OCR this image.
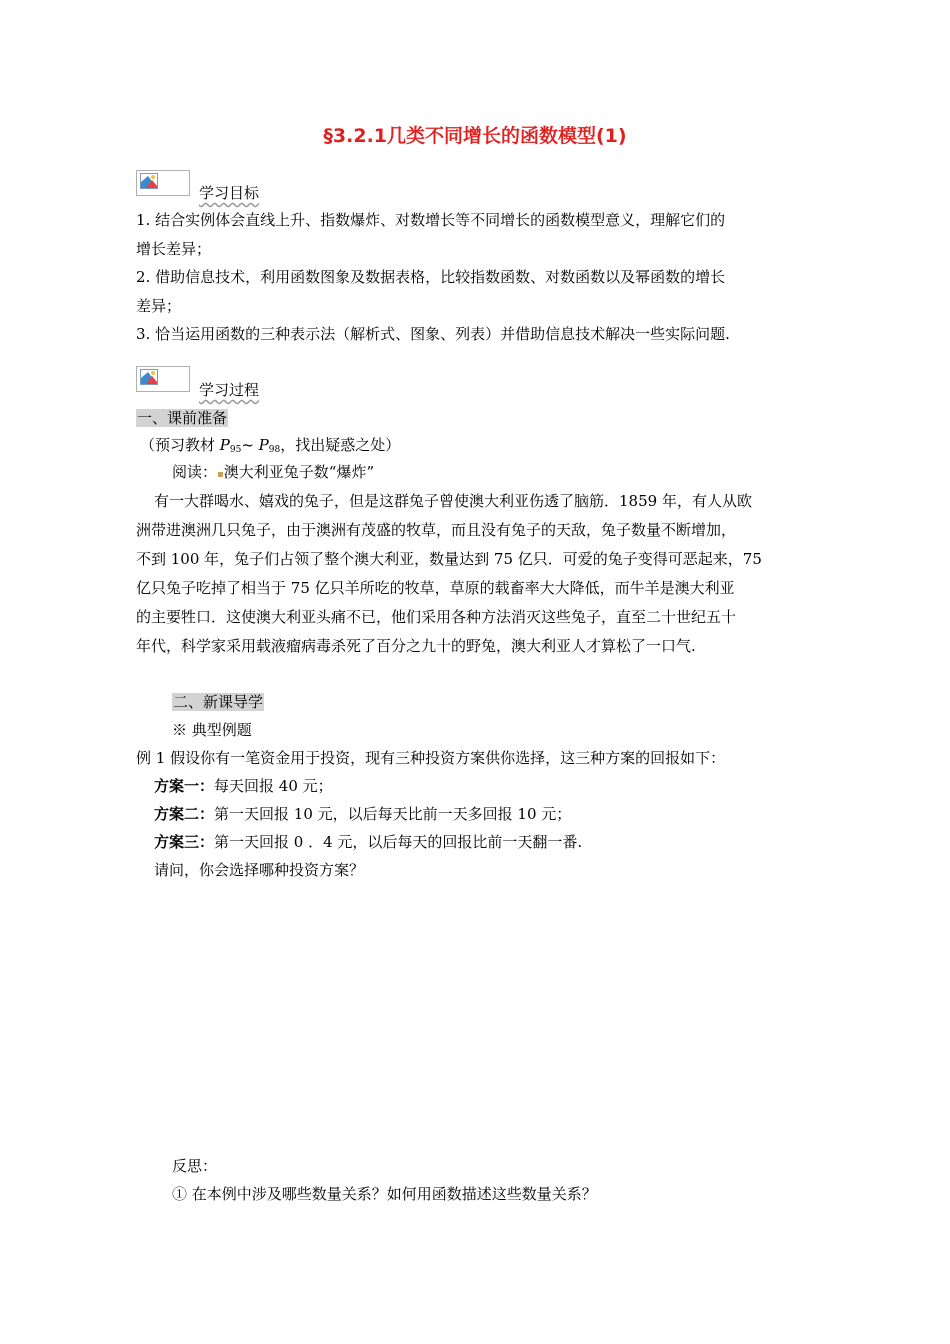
§3.2.1几类不同增长的函数模型(1)
学习目标
1. 结合实例体会直线上升、指数爆炸、对数增长等不同增长的函数模型意义，理解它们的
增长差异；
2. 借助信息技术，利用函数图象及数据表格，比较指数函数、对数函数以及幂函数的增长
差异；
3. 恰当运用函数的三种表示法（解析式、图象、列表）并借助信息技术解决一些实际问题.
学习过程
一、课前准备
（预习教材 $P_{95}\sim$ $P_{98}$，找出疑惑之处）
阅读：▪澳大利亚兔子数“爆炸”
有一大群喝水、嬉戏的兔子，但是这群兔子曾使澳大利亚伤透了脑筋．1859 年，有人从欧
洲带进澳洲几只兔子，由于澳洲有茂盛的牧草，而且没有兔子的天敌，兔子数量不断增加，
不到 100 年，兔子们占领了整个澳大利亚，数量达到 75 亿只．可爱的兔子变得可恶起来，75
亿只兔子吃掉了相当于 75 亿只羊所吃的牧草，草原的载畜率大大降低，而牛羊是澳大利亚
的主要牲口．这使澳大利亚头痛不已，他们采用各种方法消灭这些兔子，直至二十世纪五十
年代，科学家采用载液瘤病毒杀死了百分之九十的野兔，澳大利亚人才算松了一口气.
二、新课导学
※ 典型例题
例 1 假设你有一笔资金用于投资，现有三种投资方案供你选择，这三种方案的回报如下：
方案一：每天回报 40 元；
方案二：第一天回报 10 元，以后每天比前一天多回报 10 元；
方案三：第一天回报 0 ．4 元，以后每天的回报比前一天翻一番.
请问，你会选择哪种投资方案？
反思：
① 在本例中涉及哪些数量关系？如何用函数描述这些数量关系？
